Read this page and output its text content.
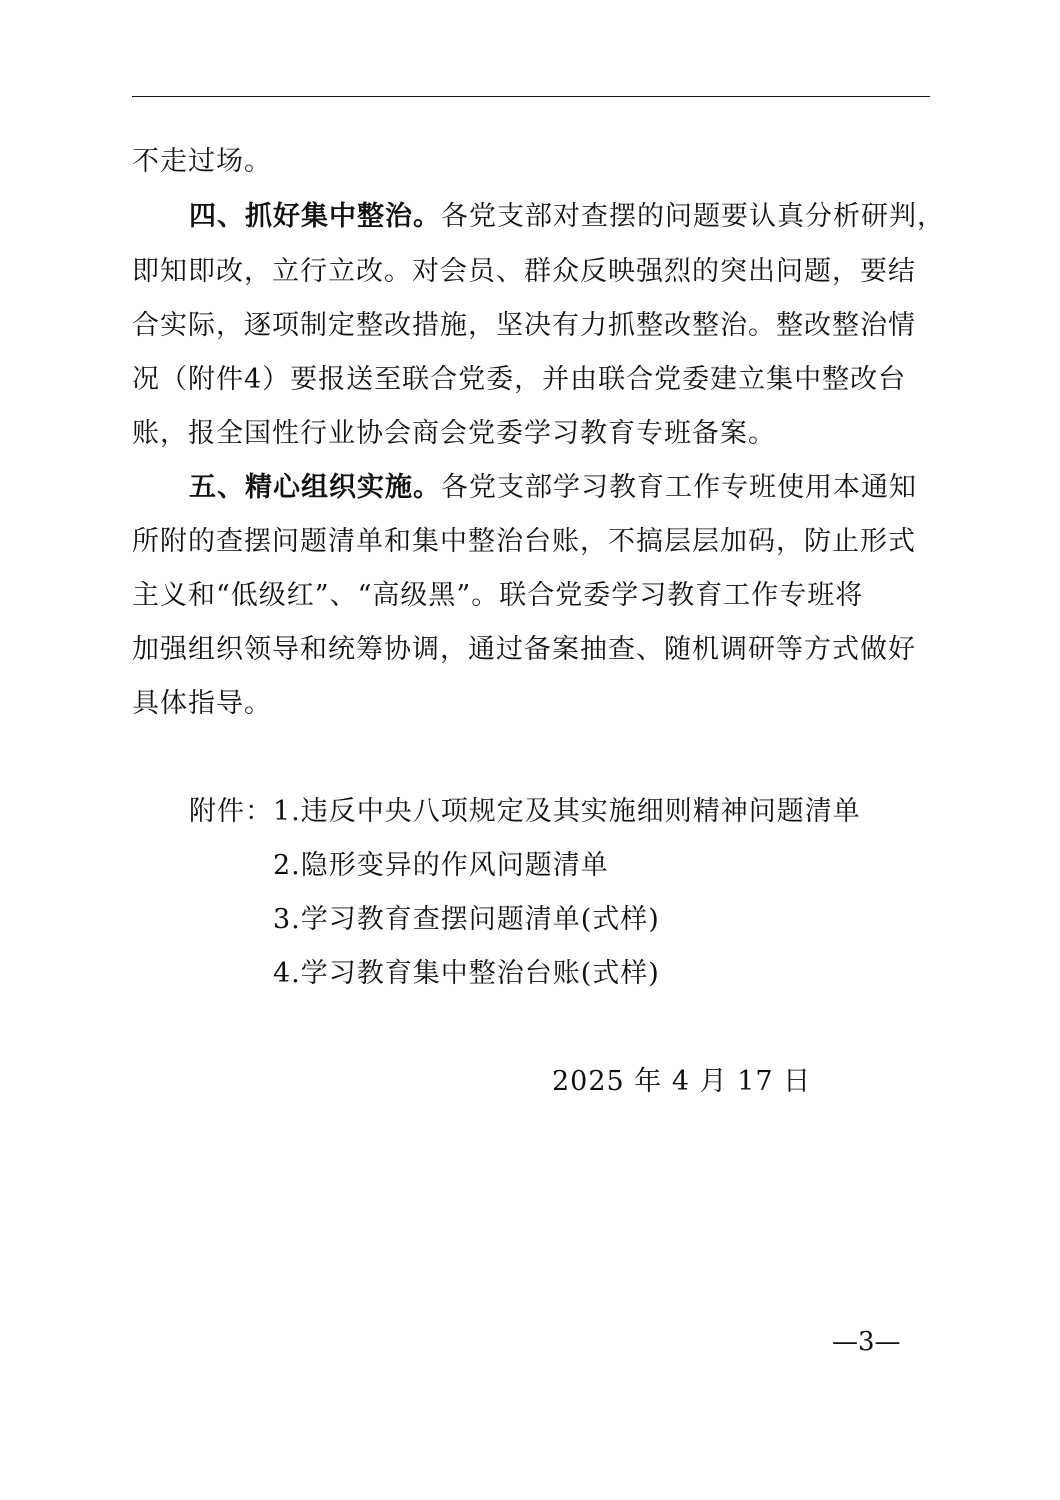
不走过场。
四、抓好集中整治。各党支部对查摆的问题要认真分析研判，
即知即改，立行立改。对会员、群众反映强烈的突出问题，要结
合实际，逐项制定整改措施，坚决有力抓整改整治。整改整治情
况（附件4）要报送至联合党委，并由联合党委建立集中整改台
账，报全国性行业协会商会党委学习教育专班备案。
五、精心组织实施。各党支部学习教育工作专班使用本通知
所附的查摆问题清单和集中整治台账，不搞层层加码，防止形式
主义和“低级红”、“高级黑”。联合党委学习教育工作专班将
加强组织领导和统筹协调，通过备案抽查、随机调研等方式做好
具体指导。
附件： 1.违反中央八项规定及其实施细则精神问题清单
2.隐形变异的作风问题清单
3.学习教育查摆问题清单(式样)
4.学习教育集中整治台账(式样)
2025 年 4 月 17 日
—3—
